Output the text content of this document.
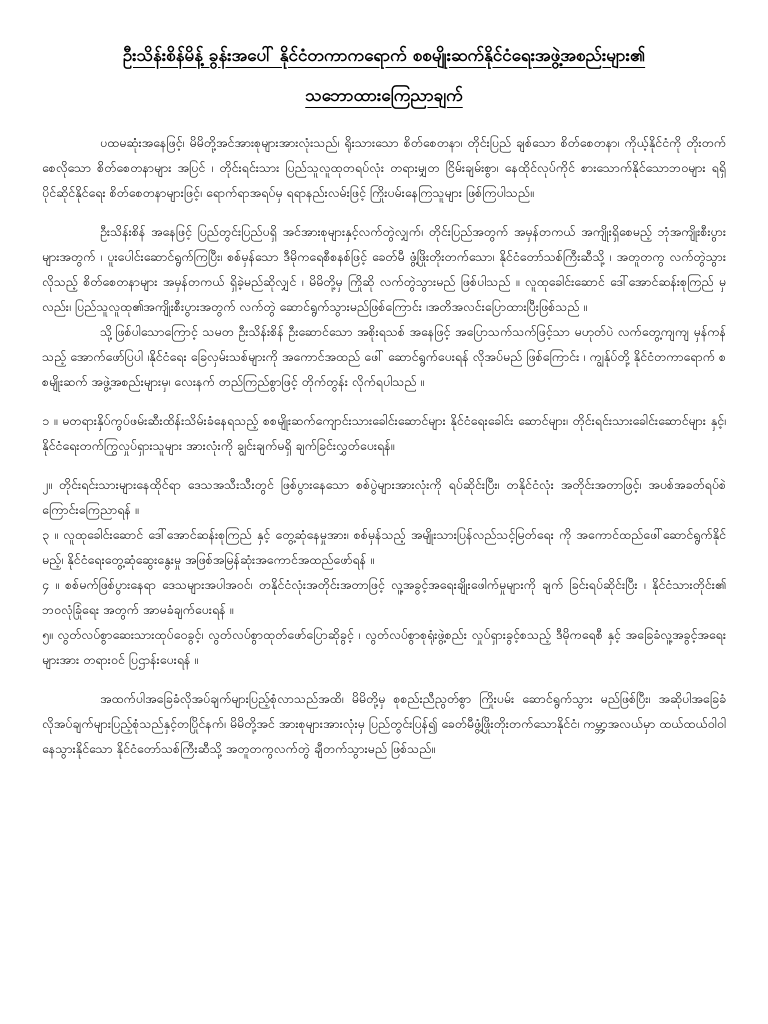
ဦးသိန်းစိန်မိန့် ခွန်းအပေါ် နိုင်ငံတကာကရောက် စစမျိုးဆက်နိုင်ငံရေးအဖွဲ့အစည်းများ၏
သဘောထားကြေညာချက်

ပထမဆုံးအနေဖြင့်၊ မိမိတို့အင်အားစုများအားလုံးသည်၊ ရိုးသားသော စိတ်စေတနာ၊ တိုင်းပြည် ချစ်သော စိတ်စေတနာ၊ ကိုယ့်နိုင်ငံကို တိုးတက်စေလိုသော စိတ်စေတနာများ အပြင် ၊ တိုင်းရင်းသား ပြည်သူလူထုတရပ်လုံး တရားမျှတ ငြိမ်းချမ်းစွာ၊ နေထိုင်လုပ်ကိုင် စားသောက်နိုင်သောဘဝများ ရရှိပိုင်ဆိုင်နိုင်ရေး စိတ်စေတနာများဖြင့်၊ ရောက်ရာအရပ်မှ ရရာနည်းလမ်းဖြင့် ကြိုးပမ်းနေကြသူများ ဖြစ်ကြပါသည်။

ဦးသိန်းစိန် အနေဖြင့် ပြည်တွင်းပြည်ပရှိ အင်အားစုများနှင့်လက်တွဲလျှက်၊ တိုင်းပြည်အတွက် အမှန်တကယ် အကျိုးရှိစေမည့် ဘုံအကျိုးစီးပွားများအတွက် ၊ ပူးပေါင်းဆောင်ရွက်ကြပြီး၊ စစ်မှန်သော ဒီမိုကရေစီစနစ်ဖြင့် ခေတ်မီ ဖွံ့ဖြိုးတိုးတက်သော၊ နိုင်ငံတော်သစ်ကြီးဆီသို့ ၊ အတူတကွ လက်တွဲသွားလိုသည့် စိတ်စေတနာများ အမှန်တကယ် ရှိခဲ့မည်ဆိုလျှင် ၊ မိမိတို့မှ ကြိုဆို လက်တွဲသွားမည် ဖြစ်ပါသည် ။ လူထုခေါင်းဆောင် ဒေါ်အောင်ဆန်းစုကြည် မှလည်း၊ ပြည်သူလူထု၏အကျိုးစီးပွားအတွက် လက်တွဲ ဆောင်ရွက်သွားမည်ဖြစ်ကြောင်း ၊အတိအလင်းပြောထားပြီးဖြစ်သည် ။

သို့ဖြစ်ပါသောကြောင့် သမတ ဦးသိန်းစိန် ဦးဆောင်သော အစိုးရသစ် အနေဖြင့် အပြောသက်သက်ဖြင့်သာ မဟုတ်ပဲ လက်တွေ့ကျကျ မှန်ကန်သည့် အောက်ဖော်ပြပါ ၊နိုင်ငံရေး ခြေလှမ်းသစ်များကို အကောင်အထည် ဖေါ် ဆောင်ရွက်ပေးရန် လိုအပ်မည် ဖြစ်ကြောင်း ၊ ကျွန်ုပ်တို့ နိုင်ငံတကာရောက် စစမျိုးဆက် အဖွဲ့အစည်းများမှ၊ လေးနက် တည်ကြည်စွာဖြင့် တိုက်တွန်း လိုက်ရပါသည် ။

၁ ။ မတရားနှိပ်ကွပ်ဖမ်းဆီးထိန်းသိမ်းခံနေရသည့် စစမျိုးဆက်ကျောင်းသားခေါင်းဆောင်များ နိုင်ငံရေးခေါင်း ဆောင်များ၊ တိုင်းရင်းသားခေါင်းဆောင်များ နှင့်၊ နိုင်ငံရေးတက်ကြွလှုပ်ရှားသူများ အားလုံးကို ချွင်းချက်မရှိ ချက်ခြင်းလွှတ်ပေးရန်။

၂။ တိုင်းရင်းသားများနေထိုင်ရာ ဒေသအသီးသီးတွင် ဖြစ်ပွားနေသော စစ်ပွဲများအားလုံးကို ရပ်ဆိုင်းပြီး၊ တနိုင်ငံလုံး အတိုင်းအတာဖြင့်၊ အပစ်အခတ်ရပ်စဲကြောင်းကြေညာရန် ။

၃ ။ လူထုခေါင်းဆောင် ဒေါ်အောင်ဆန်းစုကြည် နှင့် တွေ့ဆုံနေမှုအား၊ စစ်မှန်သည့် အမျိုးသားပြန်လည်သင့်မြတ်ရေး ကို အကောင်ထည်ဖေါ်ဆောင်ရွက်နိုင်မည့်၊ နိုင်ငံရေးတွေ့ဆုံဆွေးနွေးမှု အဖြစ်အမြန်ဆုံးအကောင်အထည်ဖော်ရန် ။

၄ ။ စစ်မက်ဖြစ်ပွားနေရာ ဒေသများအပါအဝင်၊ တနိုင်ငံလုံးအတိုင်းအတာဖြင့် လူ့အခွင့်အရေးချိုးဖေါက်မှုများကို ချက် ခြင်းရပ်ဆိုင်းပြီး ၊ နိုင်ငံသားတိုင်း၏ ဘဝလုံခြုံရေး အတွက် အာမခံချက်ပေးရန် ။

၅။ လွတ်လပ်စွာဆေးသားထုပ်ဝေခွင့်၊ လွတ်လပ်စွာထုတ်ဖော်ပြောဆိုခွင့် ၊ လွတ်လပ်စွာစုရုံးဖွဲ့စည်း လှုပ်ရှားခွင့်စသည့် ဒီမိုကရေစီ နှင့် အခြေခံလူ့အခွင့်အရေးများအား တရားဝင် ပြဌာန်းပေးရန် ။

အထက်ပါအခြေခံလိုအပ်ချက်များပြည့်စုံလာသည်အထိ၊ မိမိတို့မှ စုစည်းညီညွတ်စွာ ကြိုးပမ်း ဆောင်ရွက်သွား မည်ဖြစ်ပြီး၊ အဆိုပါအခြေခံလိုအပ်ချက်များပြည့်စုံသည်နှင့်တပြိုင်နက်၊ မိမိတို့အင် အားစုများအားလုံးမှ ပြည်တွင်းပြန်၍ ခေတ်မီဖွံ့ဖြိုးတိုးတက်သောနိုင်ငံ၊ ကမ္ဘာ့အလယ်မှာ ထယ်ထယ်ဝါဝါနေသွားနိုင်သော နိုင်ငံတော်သစ်ကြီးဆီသို့ အတူတကွလက်တွဲ ချီတက်သွားမည် ဖြစ်သည်။
